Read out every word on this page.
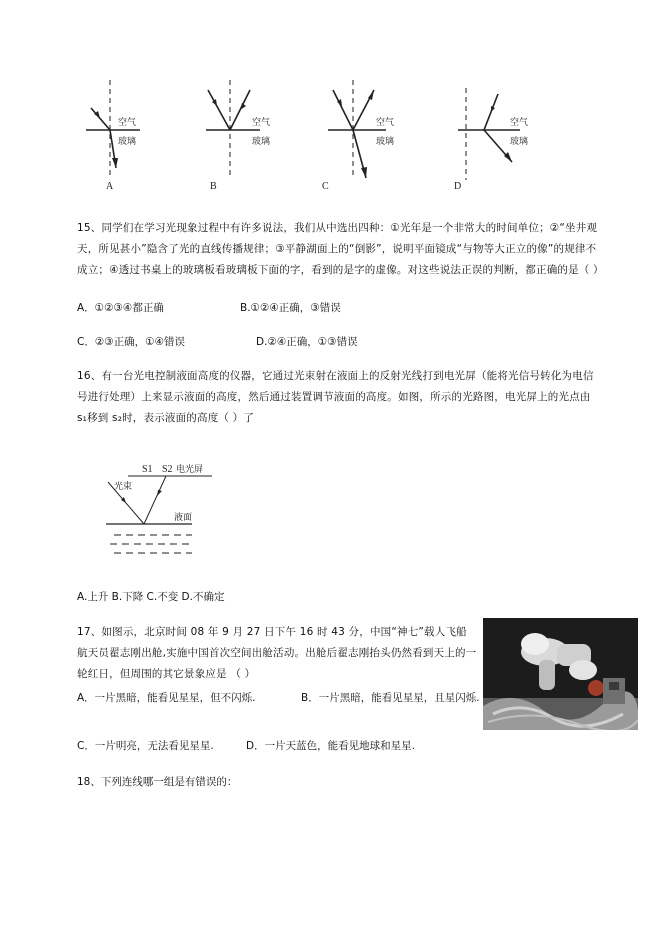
空气
玻璃
A
空气
玻璃
B
空气
玻璃
C
空气
玻璃
D
15、同学们在学习光现象过程中有许多说法，我们从中选出四种：①光年是一个非常大的时间单位；②“坐井观天，所见甚小”隐含了光的直线传播规律；③平静湖面上的“倒影”，说明平面镜成“与物等大正立的像”的规律不成立；④透过书桌上的玻璃板看玻璃板下面的字，看到的是字的虚像。对这些说法正误的判断，都正确的是（ ）
A．①②③④都正确	B.①②④正确，③错误
C．②③正确，①④错误	D.②④正确，①③错误
16、有一台光电控制液面高度的仪器，它通过光束射在液面上的反射光线打到电光屏（能将光信号转化为电信号进行处理）上来显示液面的高度，然后通过装置调节液面的高度。如图，所示的光路图，电光屏上的光点由 s₁移到 s₂时，表示液面的高度（ ）了
S1 S2 电光屏
光束
液面
A.上升 B.下降 C.不变 D.不确定
17、如图示，北京时间 08 年 9 月 27 日下午 16 时 43 分，中国“神七”载人飞船航天员翟志刚出舱,实施中国首次空间出舱活动。出舱后翟志刚抬头仍然看到天上的一轮红日，但周围的其它景象应是 （ ）
A．一片黑暗，能看见星星，但不闪烁.	B．一片黑暗，能看见星星，且星闪烁.
C．一片明亮，无法看见星星.	D．一片天蓝色，能看见地球和星星.
18、下列连线哪一组是有错误的：
